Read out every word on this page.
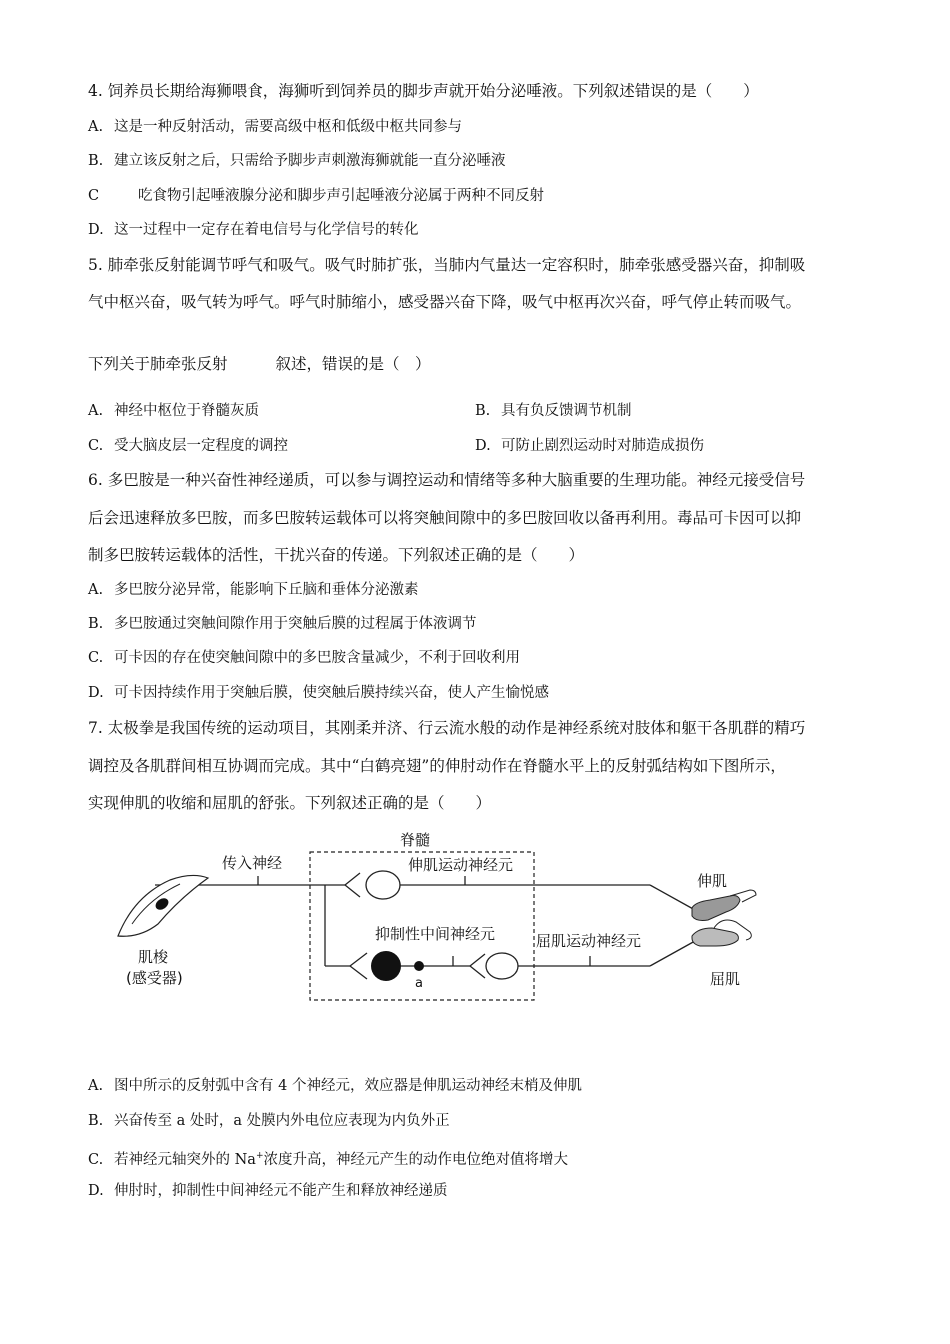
4. 饲养员长期给海狮喂食，海狮听到饲养员的脚步声就开始分泌唾液。下列叙述错误的是（　　）
A. 这是一种反射活动，需要高级中枢和低级中枢共同参与
B. 建立该反射之后，只需给予脚步声刺激海狮就能一直分泌唾液
C	吃食物引起唾液腺分泌和脚步声引起唾液分泌属于两种不同反射
D. 这一过程中一定存在着电信号与化学信号的转化
5. 肺牵张反射能调节呼气和吸气。吸气时肺扩张，当肺内气量达一定容积时，肺牵张感受器兴奋，抑制吸
气中枢兴奋，吸气转为呼气。呼气时肺缩小，感受器兴奋下降，吸气中枢再次兴奋，呼气停止转而吸气。
下列关于肺牵张反射	叙述，错误的是（　）
A. 神经中枢位于脊髓灰质	B. 具有负反馈调节机制
C. 受大脑皮层一定程度的调控	D. 可防止剧烈运动时对肺造成损伤
6. 多巴胺是一种兴奋性神经递质，可以参与调控运动和情绪等多种大脑重要的生理功能。神经元接受信号
后会迅速释放多巴胺，而多巴胺转运载体可以将突触间隙中的多巴胺回收以备再利用。毒品可卡因可以抑
制多巴胺转运载体的活性，干扰兴奋的传递。下列叙述正确的是（　　）
A. 多巴胺分泌异常，能影响下丘脑和垂体分泌激素
B. 多巴胺通过突触间隙作用于突触后膜的过程属于体液调节
C. 可卡因的存在使突触间隙中的多巴胺含量减少，不利于回收利用
D. 可卡因持续作用于突触后膜，使突触后膜持续兴奋，使人产生愉悦感
7. 太极拳是我国传统的运动项目，其刚柔并济、行云流水般的动作是神经系统对肢体和躯干各肌群的精巧
调控及各肌群间相互协调而完成。其中“白鹤亮翅”的伸肘动作在脊髓水平上的反射弧结构如下图所示，
实现伸肌的收缩和屈肌的舒张。下列叙述正确的是（　　）
脊髓
传入神经	伸肌运动神经元
a
抑制性中间神经元	屈肌运动神经元
伸肌
屈肌
肌梭
(感受器)
A. 图中所示的反射弧中含有 4 个神经元，效应器是伸肌运动神经末梢及伸肌
B. 兴奋传至 a 处时，a 处膜内外电位应表现为内负外正
C. 若神经元轴突外的 Na+浓度升高，神经元产生的动作电位绝对值将增大
D. 伸肘时，抑制性中间神经元不能产生和释放神经递质
